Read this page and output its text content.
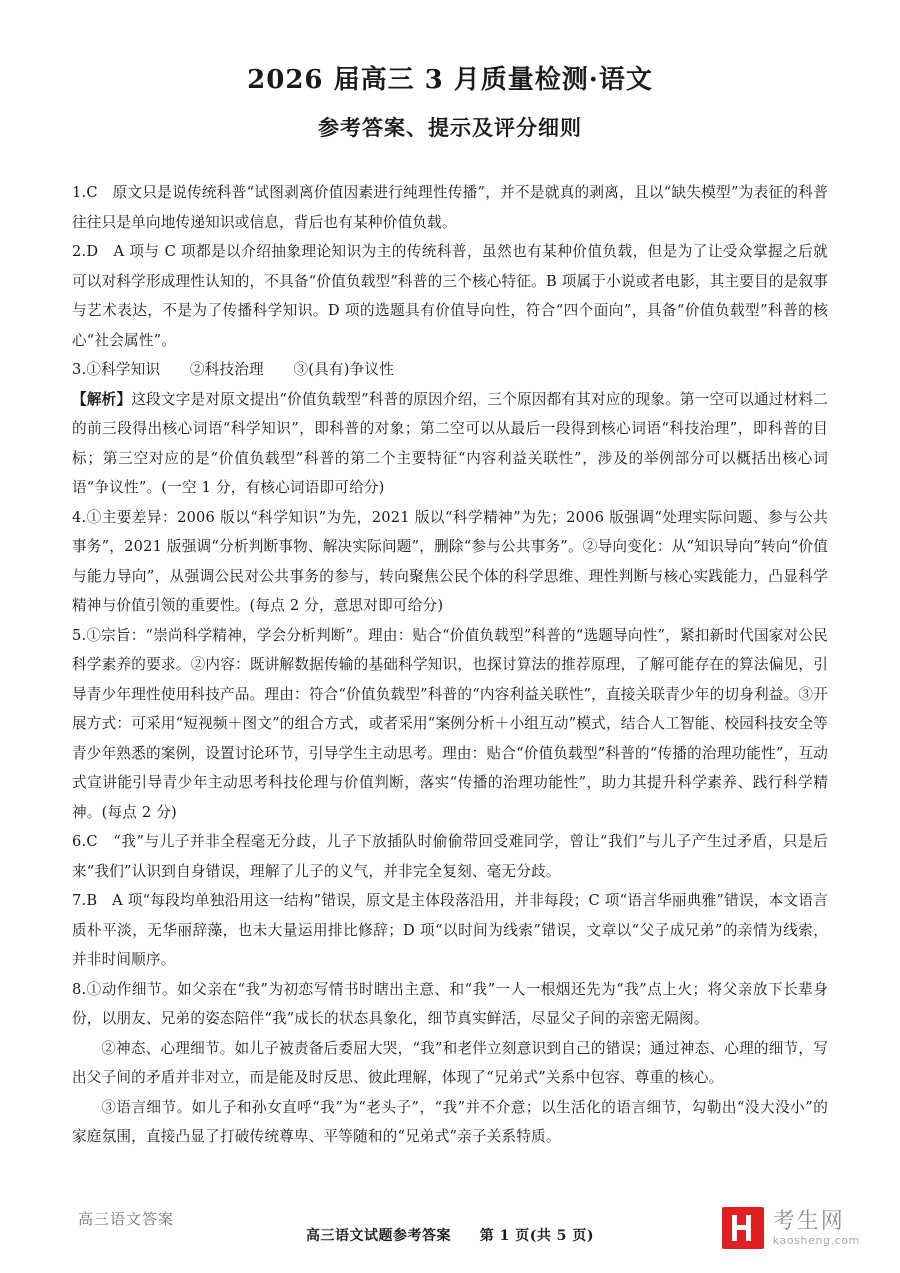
2026 届高三 3 月质量检测·语文
参考答案、提示及评分细则

1.C　原文只是说传统科普“试图剥离价值因素进行纯理性传播”，并不是就真的剥离，且以“缺失模型”为表征的科普往往只是单向地传递知识或信息，背后也有某种价值负载。

2.D　A 项与 C 项都是以介绍抽象理论知识为主的传统科普，虽然也有某种价值负载，但是为了让受众掌握之后就可以对科学形成理性认知的，不具备“价值负载型”科普的三个核心特征。B 项属于小说或者电影，其主要目的是叙事与艺术表达，不是为了传播科学知识。D 项的选题具有价值导向性，符合“四个面向”，具备“价值负载型”科普的核心“社会属性”。

3.①科学知识　　②科技治理　　③(具有)争议性

【解析】这段文字是对原文提出“价值负载型”科普的原因介绍，三个原因都有其对应的现象。第一空可以通过材料二的前三段得出核心词语“科学知识”，即科普的对象；第二空可以从最后一段得到核心词语“科技治理”，即科普的目标；第三空对应的是“价值负载型”科普的第二个主要特征“内容利益关联性”，涉及的举例部分可以概括出核心词语“争议性”。(一空 1 分，有核心词语即可给分)

4.①主要差异：2006 版以“科学知识”为先，2021 版以“科学精神”为先；2006 版强调“处理实际问题、参与公共事务”，2021 版强调“分析判断事物、解决实际问题”，删除“参与公共事务”。②导向变化：从“知识导向”转向“价值与能力导向”，从强调公民对公共事务的参与，转向聚焦公民个体的科学思维、理性判断与核心实践能力，凸显科学精神与价值引领的重要性。(每点 2 分，意思对即可给分)

5.①宗旨：“崇尚科学精神，学会分析判断”。理由：贴合“价值负载型”科普的“选题导向性”，紧扣新时代国家对公民科学素养的要求。②内容：既讲解数据传输的基础科学知识，也探讨算法的推荐原理，了解可能存在的算法偏见，引导青少年理性使用科技产品。理由：符合“价值负载型”科普的“内容利益关联性”，直接关联青少年的切身利益。③开展方式：可采用“短视频＋图文”的组合方式，或者采用“案例分析＋小组互动”模式，结合人工智能、校园科技安全等青少年熟悉的案例，设置讨论环节，引导学生主动思考。理由：贴合“价值负载型”科普的“传播的治理功能性”，互动式宣讲能引导青少年主动思考科技伦理与价值判断，落实“传播的治理功能性”，助力其提升科学素养、践行科学精神。(每点 2 分)

6.C　“我”与儿子并非全程毫无分歧，儿子下放插队时偷偷带回受难同学，曾让“我们”与儿子产生过矛盾，只是后来“我们”认识到自身错误，理解了儿子的义气，并非完全复刻、毫无分歧。

7.B　A 项“每段均单独沿用这一结构”错误，原文是主体段落沿用，并非每段；C 项“语言华丽典雅”错误，本文语言质朴平淡，无华丽辞藻，也未大量运用排比修辞；D 项“以时间为线索”错误，文章以“父子成兄弟”的亲情为线索，并非时间顺序。

8.①动作细节。如父亲在“我”为初恋写情书时瞎出主意、和“我”一人一根烟还先为“我”点上火；将父亲放下长辈身份，以朋友、兄弟的姿态陪伴“我”成长的状态具象化，细节真实鲜活，尽显父子间的亲密无隔阂。

②神态、心理细节。如儿子被责备后委屈大哭，“我”和老伴立刻意识到自己的错误；通过神态、心理的细节，写出父子间的矛盾并非对立，而是能及时反思、彼此理解，体现了“兄弟式”关系中包容、尊重的核心。

③语言细节。如儿子和孙女直呼“我”为“老头子”，“我”并不介意；以生活化的语言细节，勾勒出“没大没小”的家庭氛围，直接凸显了打破传统尊卑、平等随和的“兄弟式”亲子关系特质。

高三语文答案
高三语文试题参考答案 第 1 页(共 5 页)
考生网
kaosheng.com
